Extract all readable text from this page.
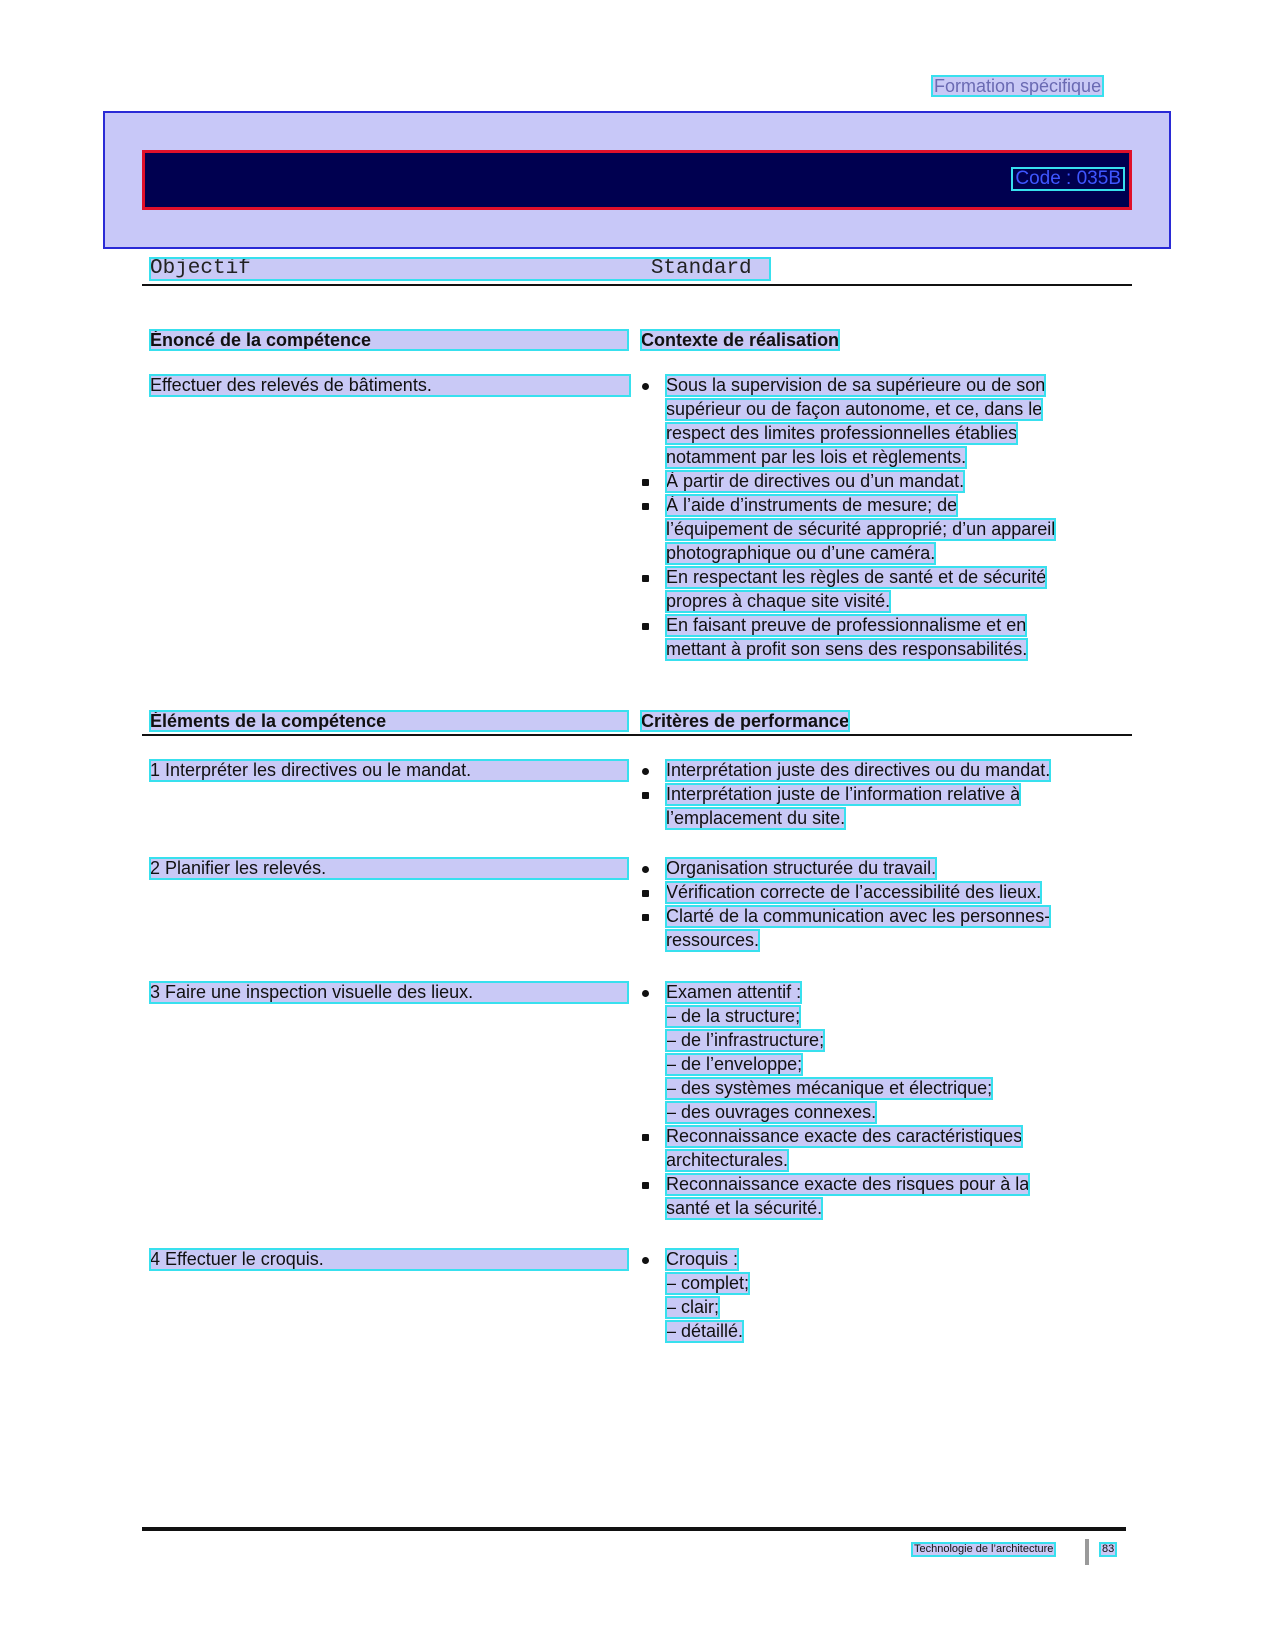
Formation spécifique
Code : 035B
Objectif	Standard
Énoncé de la compétence	Contexte de réalisation
Effectuer des relevés de bâtiments.	Sous la supervision de sa supérieure ou de son
supérieur ou de façon autonome, et ce, dans le
respect des limites professionnelles établies
notamment par les lois et règlements.
À partir de directives ou d’un mandat.
À l’aide d’instruments de mesure; de
l’équipement de sécurité approprié; d’un appareil
photographique ou d’une caméra.
En respectant les règles de santé et de sécurité
propres à chaque site visité.
En faisant preuve de professionnalisme et en
mettant à profit son sens des responsabilités.
Éléments de la compétence	Critères de performance
1 Interpréter les directives ou le mandat.	Interprétation juste des directives ou du mandat.
Interprétation juste de l’information relative à
l’emplacement du site.
2 Planifier les relevés.	Organisation structurée du travail.
Vérification correcte de l’accessibilité des lieux.
Clarté de la communication avec les personnes-
ressources.
3 Faire une inspection visuelle des lieux.	Examen attentif :
– de la structure;
– de l’infrastructure;
– de l’enveloppe;
– des systèmes mécanique et électrique;
– des ouvrages connexes.
Reconnaissance exacte des caractéristiques
architecturales.
Reconnaissance exacte des risques pour à la
santé et la sécurité.
4 Effectuer le croquis.	Croquis :
– complet;
– clair;
– détaillé.
Technologie de l’architecture	83
